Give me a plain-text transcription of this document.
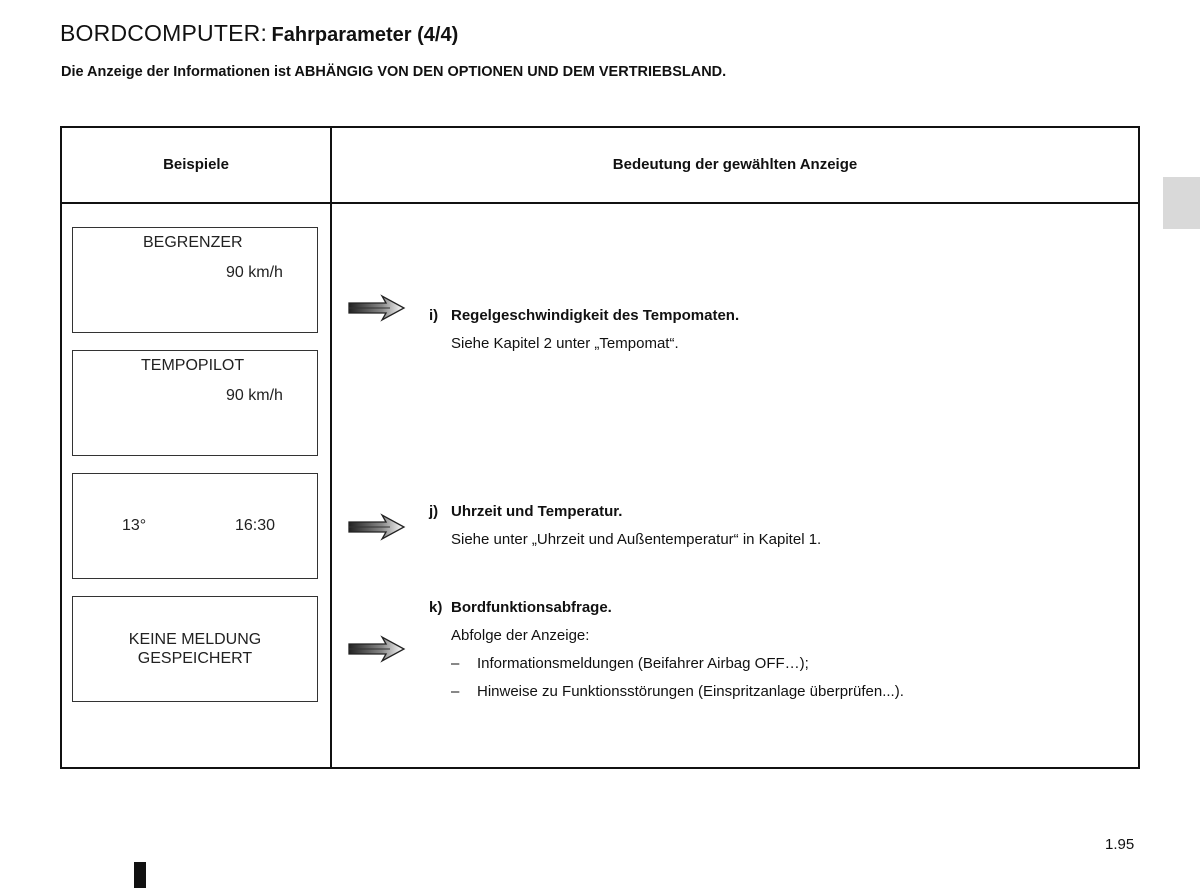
BORDCOMPUTER: Fahrparameter (4/4)
Die Anzeige der Informationen ist ABHÄNGIG VON DEN OPTIONEN UND DEM VERTRIEBSLAND.
Beispiele	Bedeutung der gewählten Anzeige
BEGRENZER
90 km/h
TEMPOPILOT
90 km/h
13°	16:30
KEINE MELDUNG
GESPEICHERT
i) Regelgeschwindigkeit des Tempomaten.
Siehe Kapitel 2 unter „Tempomat“.
j) Uhrzeit und Temperatur.
Siehe unter „Uhrzeit und Außentemperatur“ in Kapitel 1.
k) Bordfunktionsabfrage.
Abfolge der Anzeige:
– Informationsmeldungen (Beifahrer Airbag OFF…);
– Hinweise zu Funktionsstörungen (Einspritzanlage überprüfen...).
1.95
